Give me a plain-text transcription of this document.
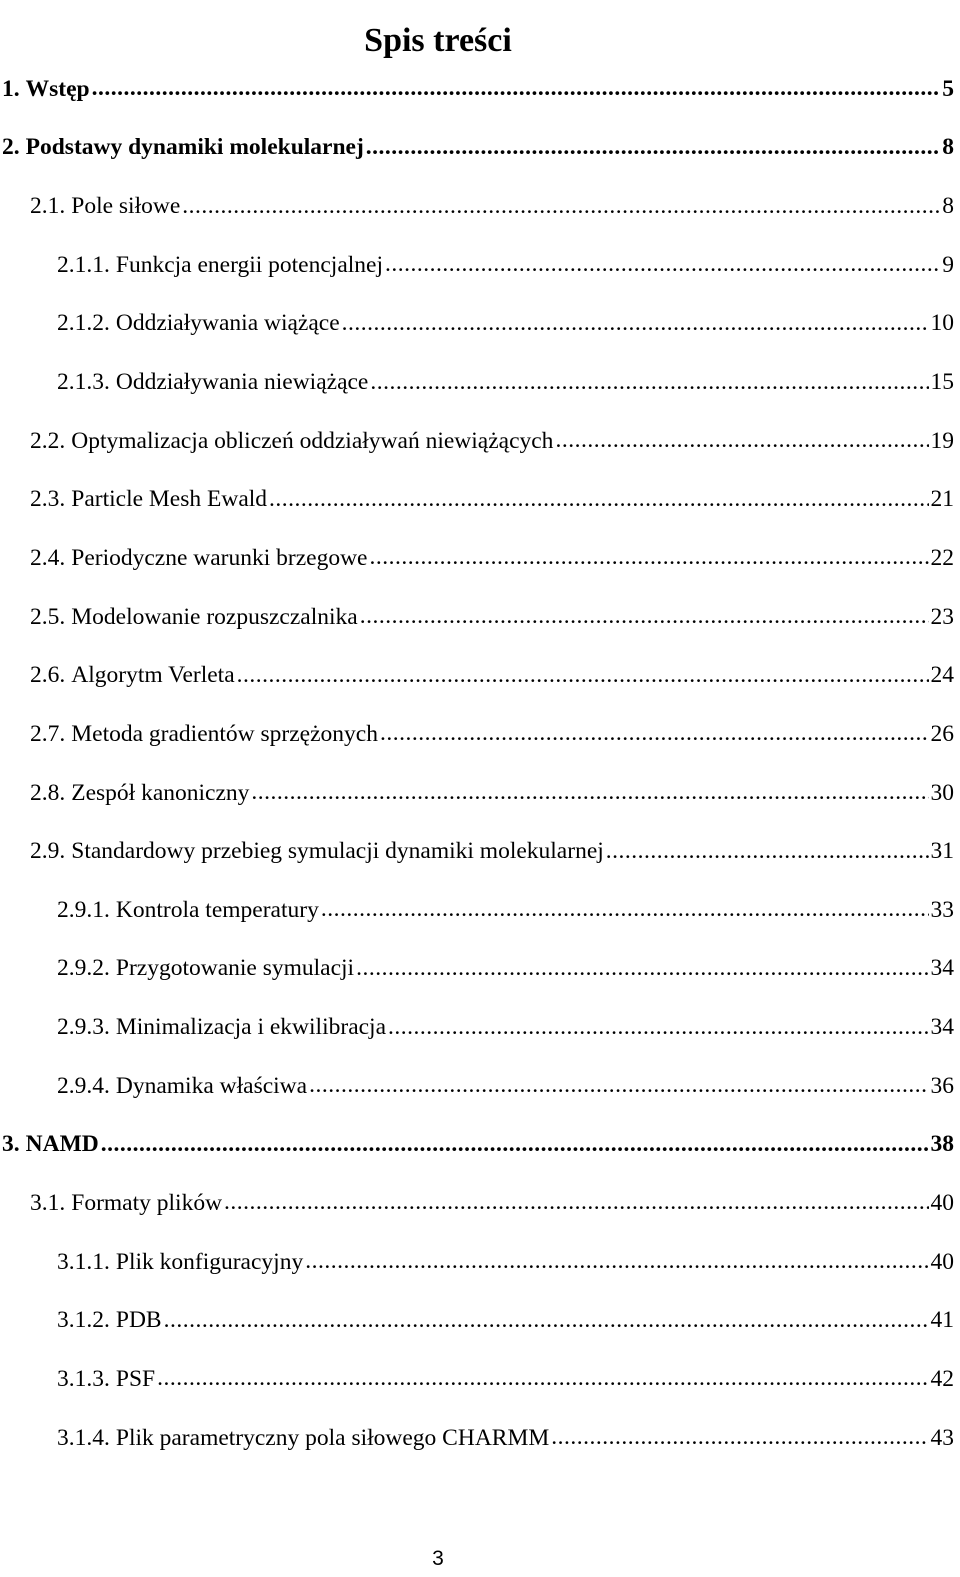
Spis treści
1. Wstęp .....	5
2. Podstawy dynamiki molekularnej .....	8
2.1. Pole siłowe .....	8
2.1.1. Funkcja energii potencjalnej .....	9
2.1.2. Oddziaływania wiążące .....	10
2.1.3. Oddziaływania niewiążące .....	15
2.2. Optymalizacja obliczeń oddziaływań niewiążących .....	19
2.3. Particle Mesh Ewald .....	21
2.4. Periodyczne warunki brzegowe .....	22
2.5. Modelowanie rozpuszczalnika .....	23
2.6. Algorytm Verleta .....	24
2.7. Metoda gradientów sprzężonych .....	26
2.8. Zespół kanoniczny .....	30
2.9. Standardowy przebieg symulacji dynamiki molekularnej .....	31
2.9.1. Kontrola temperatury .....	33
2.9.2. Przygotowanie symulacji .....	34
2.9.3. Minimalizacja i ekwilibracja .....	34
2.9.4. Dynamika właściwa .....	36
3. NAMD .....	38
3.1. Formaty plików .....	40
3.1.1. Plik konfiguracyjny .....	40
3.1.2. PDB .....	41
3.1.3. PSF .....	42
3.1.4. Plik parametryczny pola siłowego CHARMM .....	43
3
